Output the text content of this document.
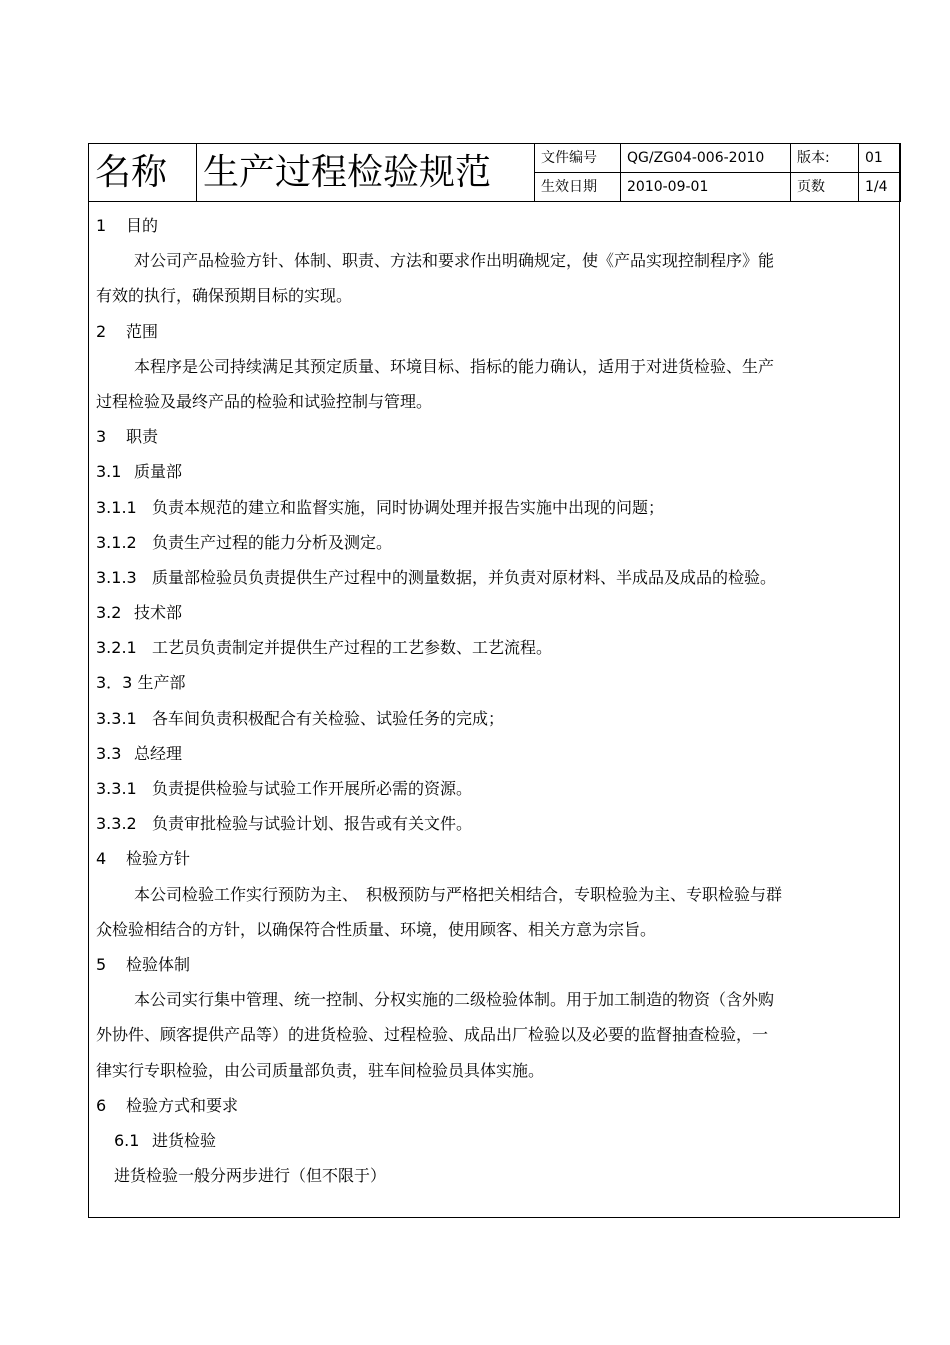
名称	生产过程检验规范	文件编号	QG/ZG04-006-2010	版本:	01
		生效日期	2010-09-01	页数	1/4
1 目的
对公司产品检验方针、体制、职责、方法和要求作出明确规定，使《产品实现控制程序》能
有效的执行，确保预期目标的实现。
2 范围
本程序是公司持续满足其预定质量、环境目标、指标的能力确认，适用于对进货检验、生产
过程检验及最终产品的检验和试验控制与管理。
3 职责
3.1 质量部
3.1.1 负责本规范的建立和监督实施，同时协调处理并报告实施中出现的问题；
3.1.2 负责生产过程的能力分析及测定。
3.1.3 质量部检验员负责提供生产过程中的测量数据，并负责对原材料、半成品及成品的检验。
3.2 技术部
3.2.1 工艺员负责制定并提供生产过程的工艺参数、工艺流程。
3．3 生产部
3.3.1 各车间负责积极配合有关检验、试验任务的完成；
3.3 总经理
3.3.1 负责提供检验与试验工作开展所必需的资源。
3.3.2 负责审批检验与试验计划、报告或有关文件。
4 检验方针
本公司检验工作实行预防为主、　积极预防与严格把关相结合，专职检验为主、专职检验与群
众检验相结合的方针，以确保符合性质量、环境，使用顾客、相关方意为宗旨。
5 检验体制
本公司实行集中管理、统一控制、分权实施的二级检验体制。用于加工制造的物资（含外购
外协件、顾客提供产品等）的进货检验、过程检验、成品出厂检验以及必要的监督抽查检验，一
律实行专职检验，由公司质量部负责，驻车间检验员具体实施。
6 检验方式和要求
6.1 进货检验
进货检验一般分两步进行（但不限于）
